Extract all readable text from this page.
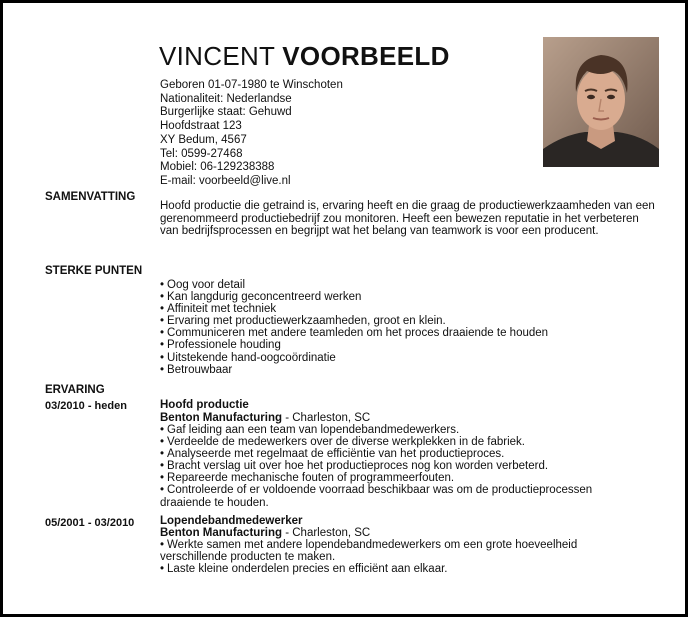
VINCENT VOORBEELD
Geboren 01-07-1980 te Winschoten
Nationaliteit: Nederlandse
Burgerlijke staat: Gehuwd
Hoofdstraat 123
XY Bedum, 4567
Tel: 0599-27468
Mobiel: 06-129238388
E-mail: voorbeeld@live.nl
SAMENVATTING
Hoofd productie die getraind is, ervaring heeft en die graag de productiewerkzaamheden van een gerenommeerd productiebedrijf zou monitoren. Heeft een bewezen reputatie in het verbeteren van bedrijfsprocessen en begrijpt wat het belang van teamwork is voor een producent.
STERKE PUNTEN
• Oog voor detail
• Kan langdurig geconcentreerd werken
• Affiniteit met techniek
• Ervaring met productiewerkzaamheden, groot en klein.
• Communiceren met andere teamleden om het proces draaiende te houden
• Professionele houding
• Uitstekende hand-oogcoördinatie
• Betrouwbaar
ERVARING
03/2010 - heden	Hoofd productie
Benton Manufacturing - Charleston, SC
• Gaf leiding aan een team van lopendebandmedewerkers.
• Verdeelde de medewerkers over de diverse werkplekken in de fabriek.
• Analyseerde met regelmaat de efficiëntie van het productieproces.
• Bracht verslag uit over hoe het productieproces nog kon worden verbeterd.
• Repareerde mechanische fouten of programmeerfouten.
• Controleerde of er voldoende voorraad beschikbaar was om de productieprocessen draaiende te houden.
05/2001 - 03/2010 Lopendebandmedewerker
Benton Manufacturing - Charleston, SC
• Werkte samen met andere lopendebandmedewerkers om een grote hoeveelheid verschillende producten te maken.
• Laste kleine onderdelen precies en efficiënt aan elkaar.
